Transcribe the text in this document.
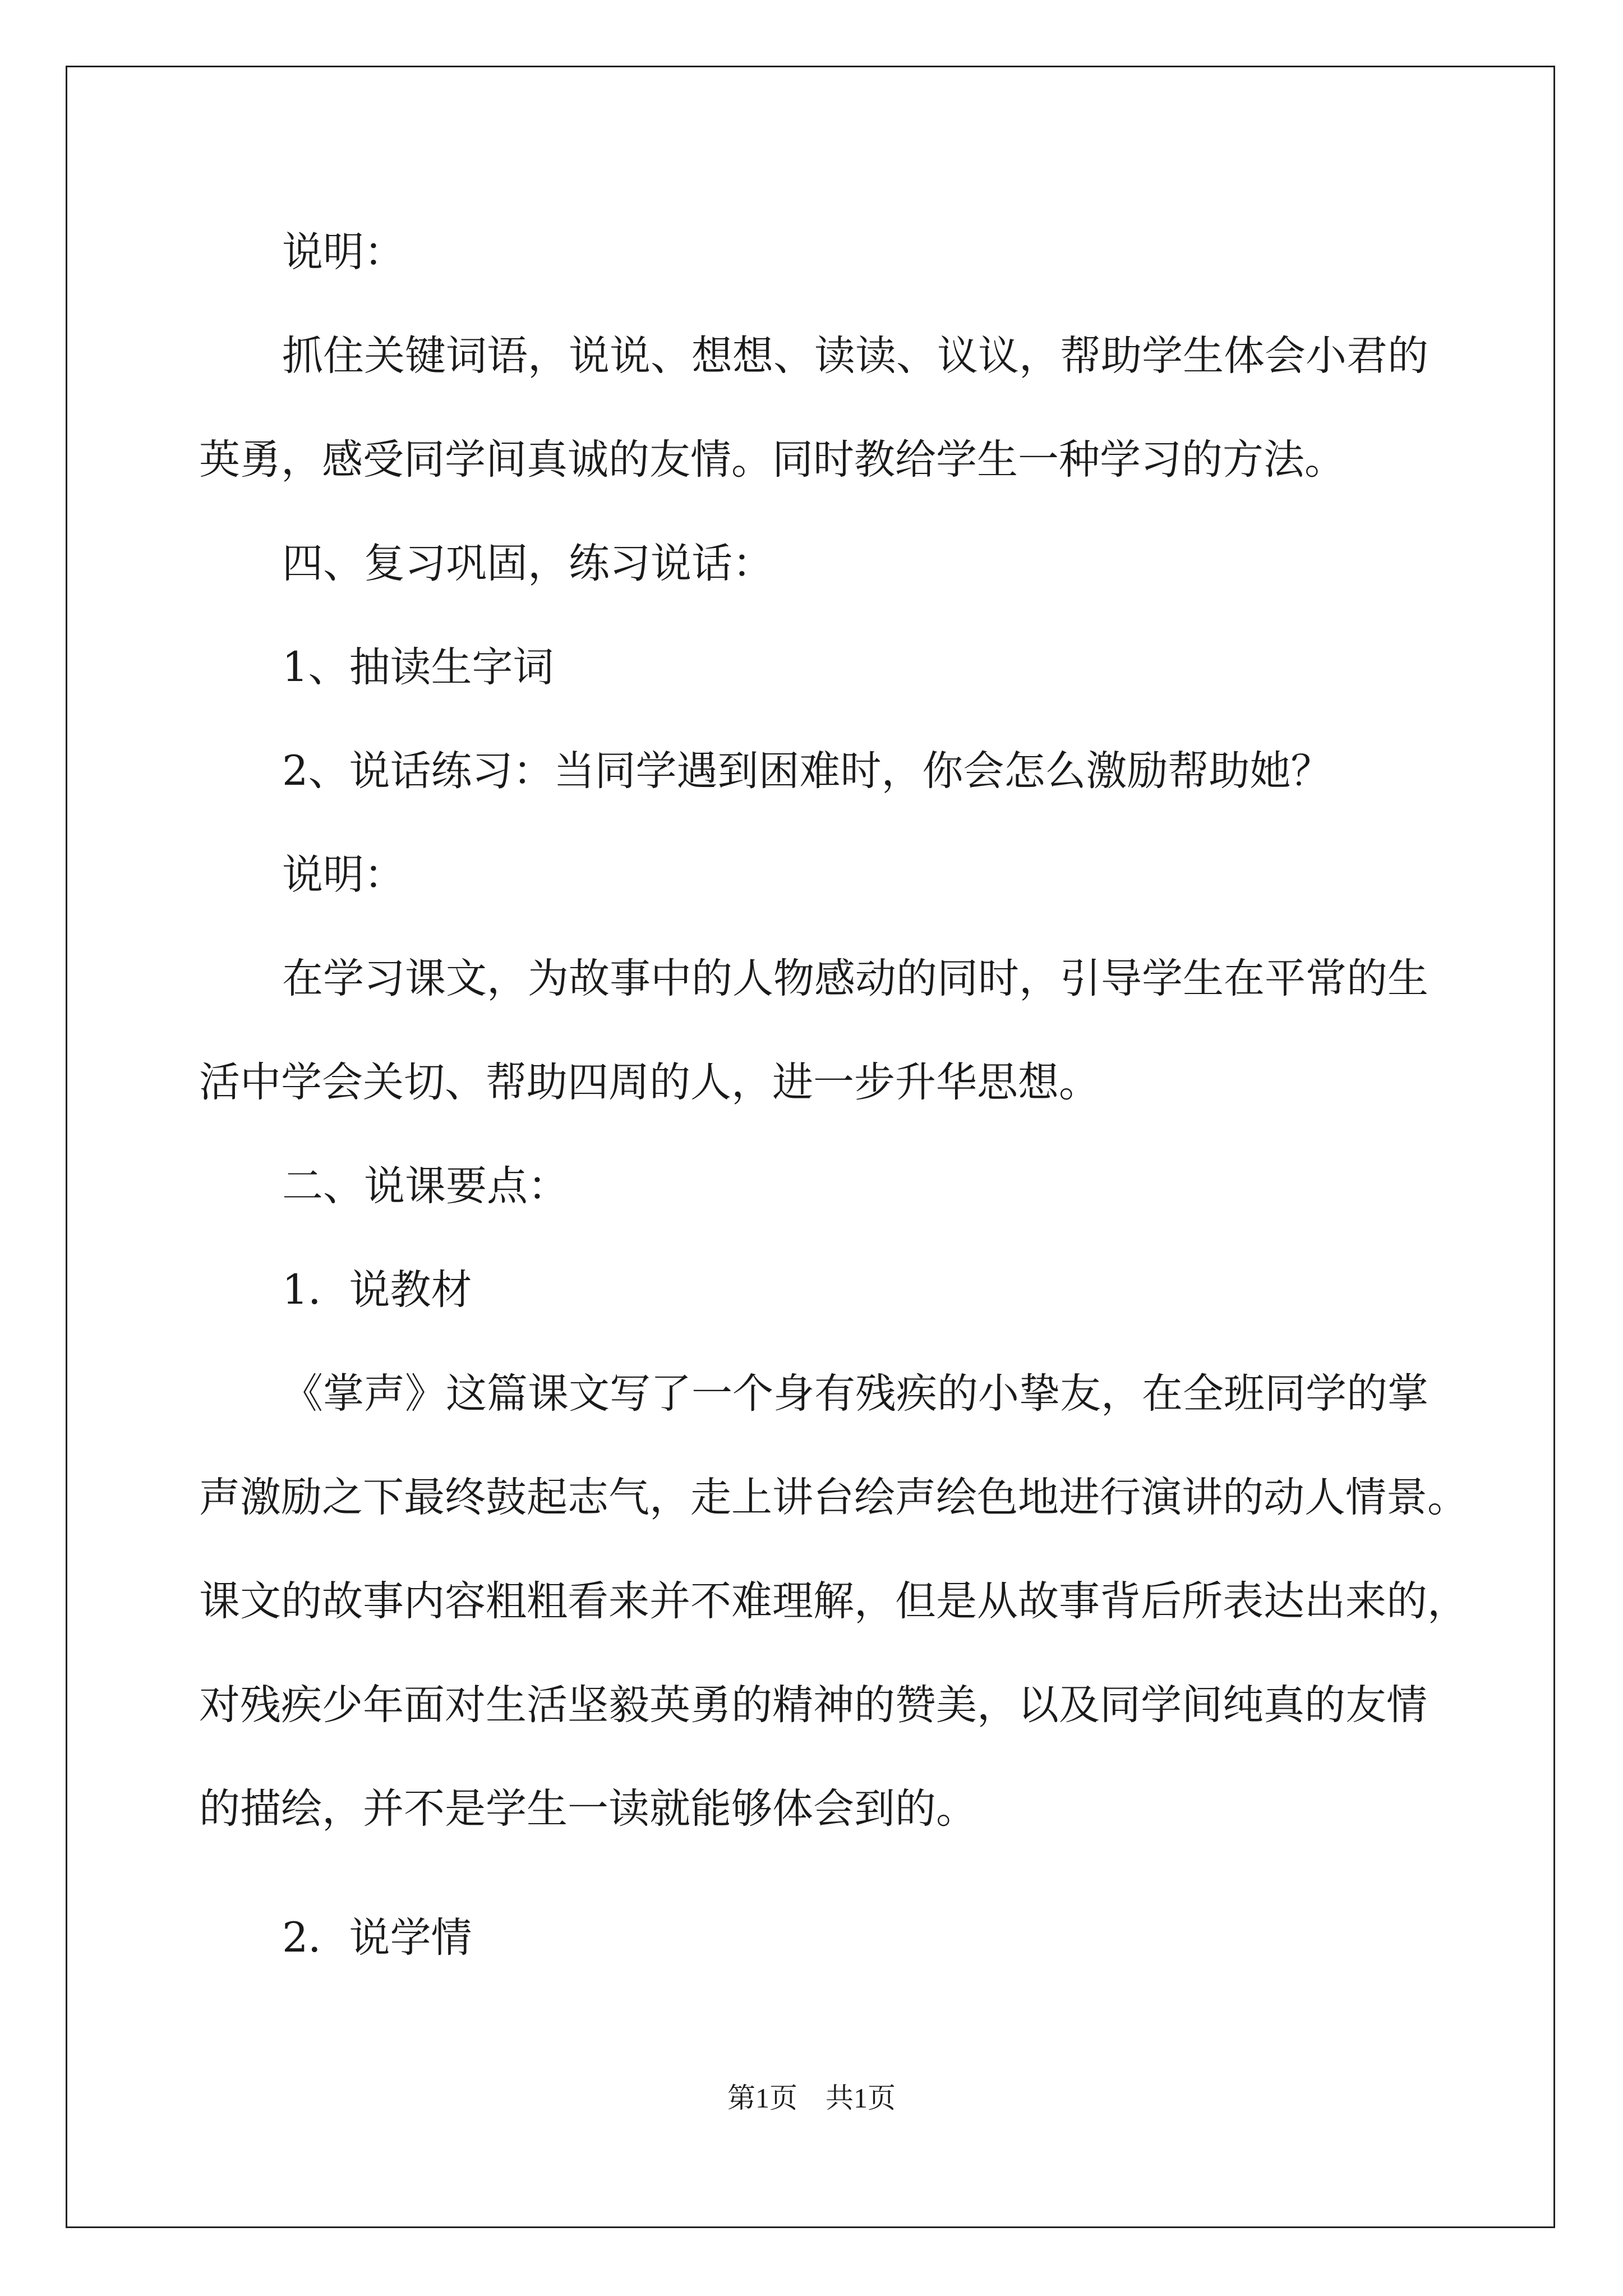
说明：
抓住关键词语，说说、想想、读读、议议，帮助学生体会小君的
英勇，感受同学间真诚的友情。同时教给学生一种学习的方法。
四、复习巩固，练习说话：
1、抽读生字词
2、说话练习：当同学遇到困难时，你会怎么激励帮助她？
说明：
在学习课文，为故事中的人物感动的同时，引导学生在平常的生
活中学会关切、帮助四周的人，进一步升华思想。
二、说课要点：
1．说教材
《掌声》这篇课文写了一个身有残疾的小挚友，在全班同学的掌
声激励之下最终鼓起志气，走上讲台绘声绘色地进行演讲的动人情景。
课文的故事内容粗粗看来并不难理解，但是从故事背后所表达出来的，
对残疾少年面对生活坚毅英勇的精神的赞美，以及同学间纯真的友情
的描绘，并不是学生一读就能够体会到的。
2．说学情
第1页　共1页
